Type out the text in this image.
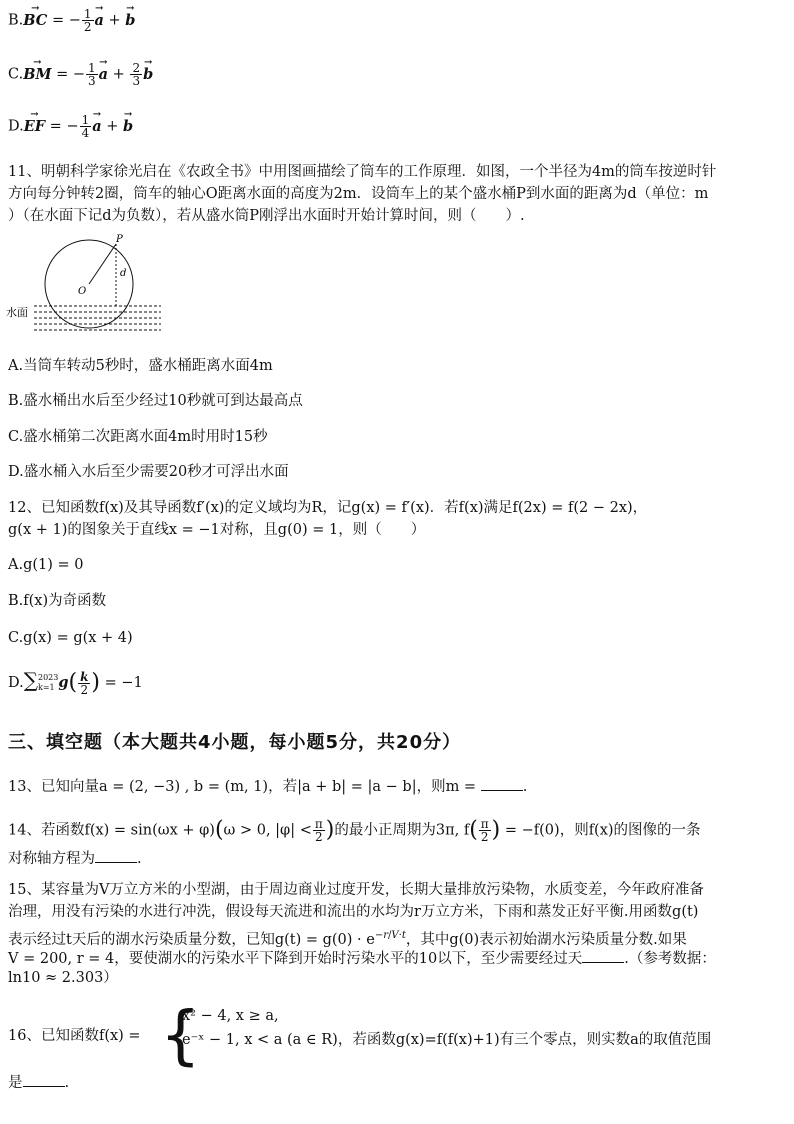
B.→ BC = − $\frac{1}{2}$
→ a + → b
C.→ BM = − $\frac{1}{3}$
→ $a + \frac{2}{3}$
→ b
D.→ EF = − $\frac{1}{4}$
→ a + → b
11、明朝科学家徐光启在《农政全书》中用图画描绘了筒车的工作原理．如图，一个半径为4m的筒车按逆时针
方向每分钟转2圈，筒车的轴心O距离水面的高度为2m．设筒车上的某个盛水桶P到水面的距离为d（单位：m
）（在水面下记d为负数），若从盛水筒P刚浮出水面时开始计算时间，则（　　）.
P
O
d
水面
A.当筒车转动5秒时，盛水桶距离水面4m
B.盛水桶出水后至少经过10秒就可到达最高点
C.盛水桶第二次距离水面4m时用时15秒
D.盛水桶入水后至少需要20秒才可浮出水面
12、已知函数f(x)及其导函数f′(x)的定义域均为R，记g(x) = f′(x)．若f(x)满足f(2x) = f(2 − 2x)，
g(x + 1)的图象关于直线x = −1对称，且g(0) = 1，则（　　）
A.g(1) = 0
B.f(x)为奇函数
C.g(x) = g(x + 4)
D.∑ 2023
k=1 $g( \frac{k}{2}$ ) = −1
三、填空题（本大题共4小题，每小题5分，共20分）
13、已知向量a = (2, −3) , b = (m, 1)，若|a + b| = |a − b|，则m =	.
14、若函数f(x) = sin(ωx + φ)(ω > 0, $|\varphi| < \frac{\pi}{2}$ )的最小正周期为3π, $f( \frac{\pi}{2}$ ) = −f(0)，则f(x)的图像的一条
对称轴方程为	.
15、某容量为V万立方米的小型湖，由于周边商业过度开发，长期大量排放污染物，水质变差，今年政府准备
治理，用没有污染的水进行冲洗，假设每天流进和流出的水均为r万立方米，下雨和蒸发正好平衡.用函数g(t)
表示经过t天后的湖水污染质量分数，已知$g(t) = g(0) \cdot e^{-r/V\cdot t}$，其中g(0)表示初始湖水污染质量分数.如果
V = 200, r = 4，要使湖水的污染水平下降到开始时污染水平的10以下，至少需要经过天	.（参考数据：
ln10 ≈ 2.303）
16、已知函数f(x) = {
x² − 4, x ≥ a,
e⁻ˣ − 1, x < a (a ∈ R)，若函数g(x)=f(f(x)+1)有三个零点，则实数a的取值范围
是	.
